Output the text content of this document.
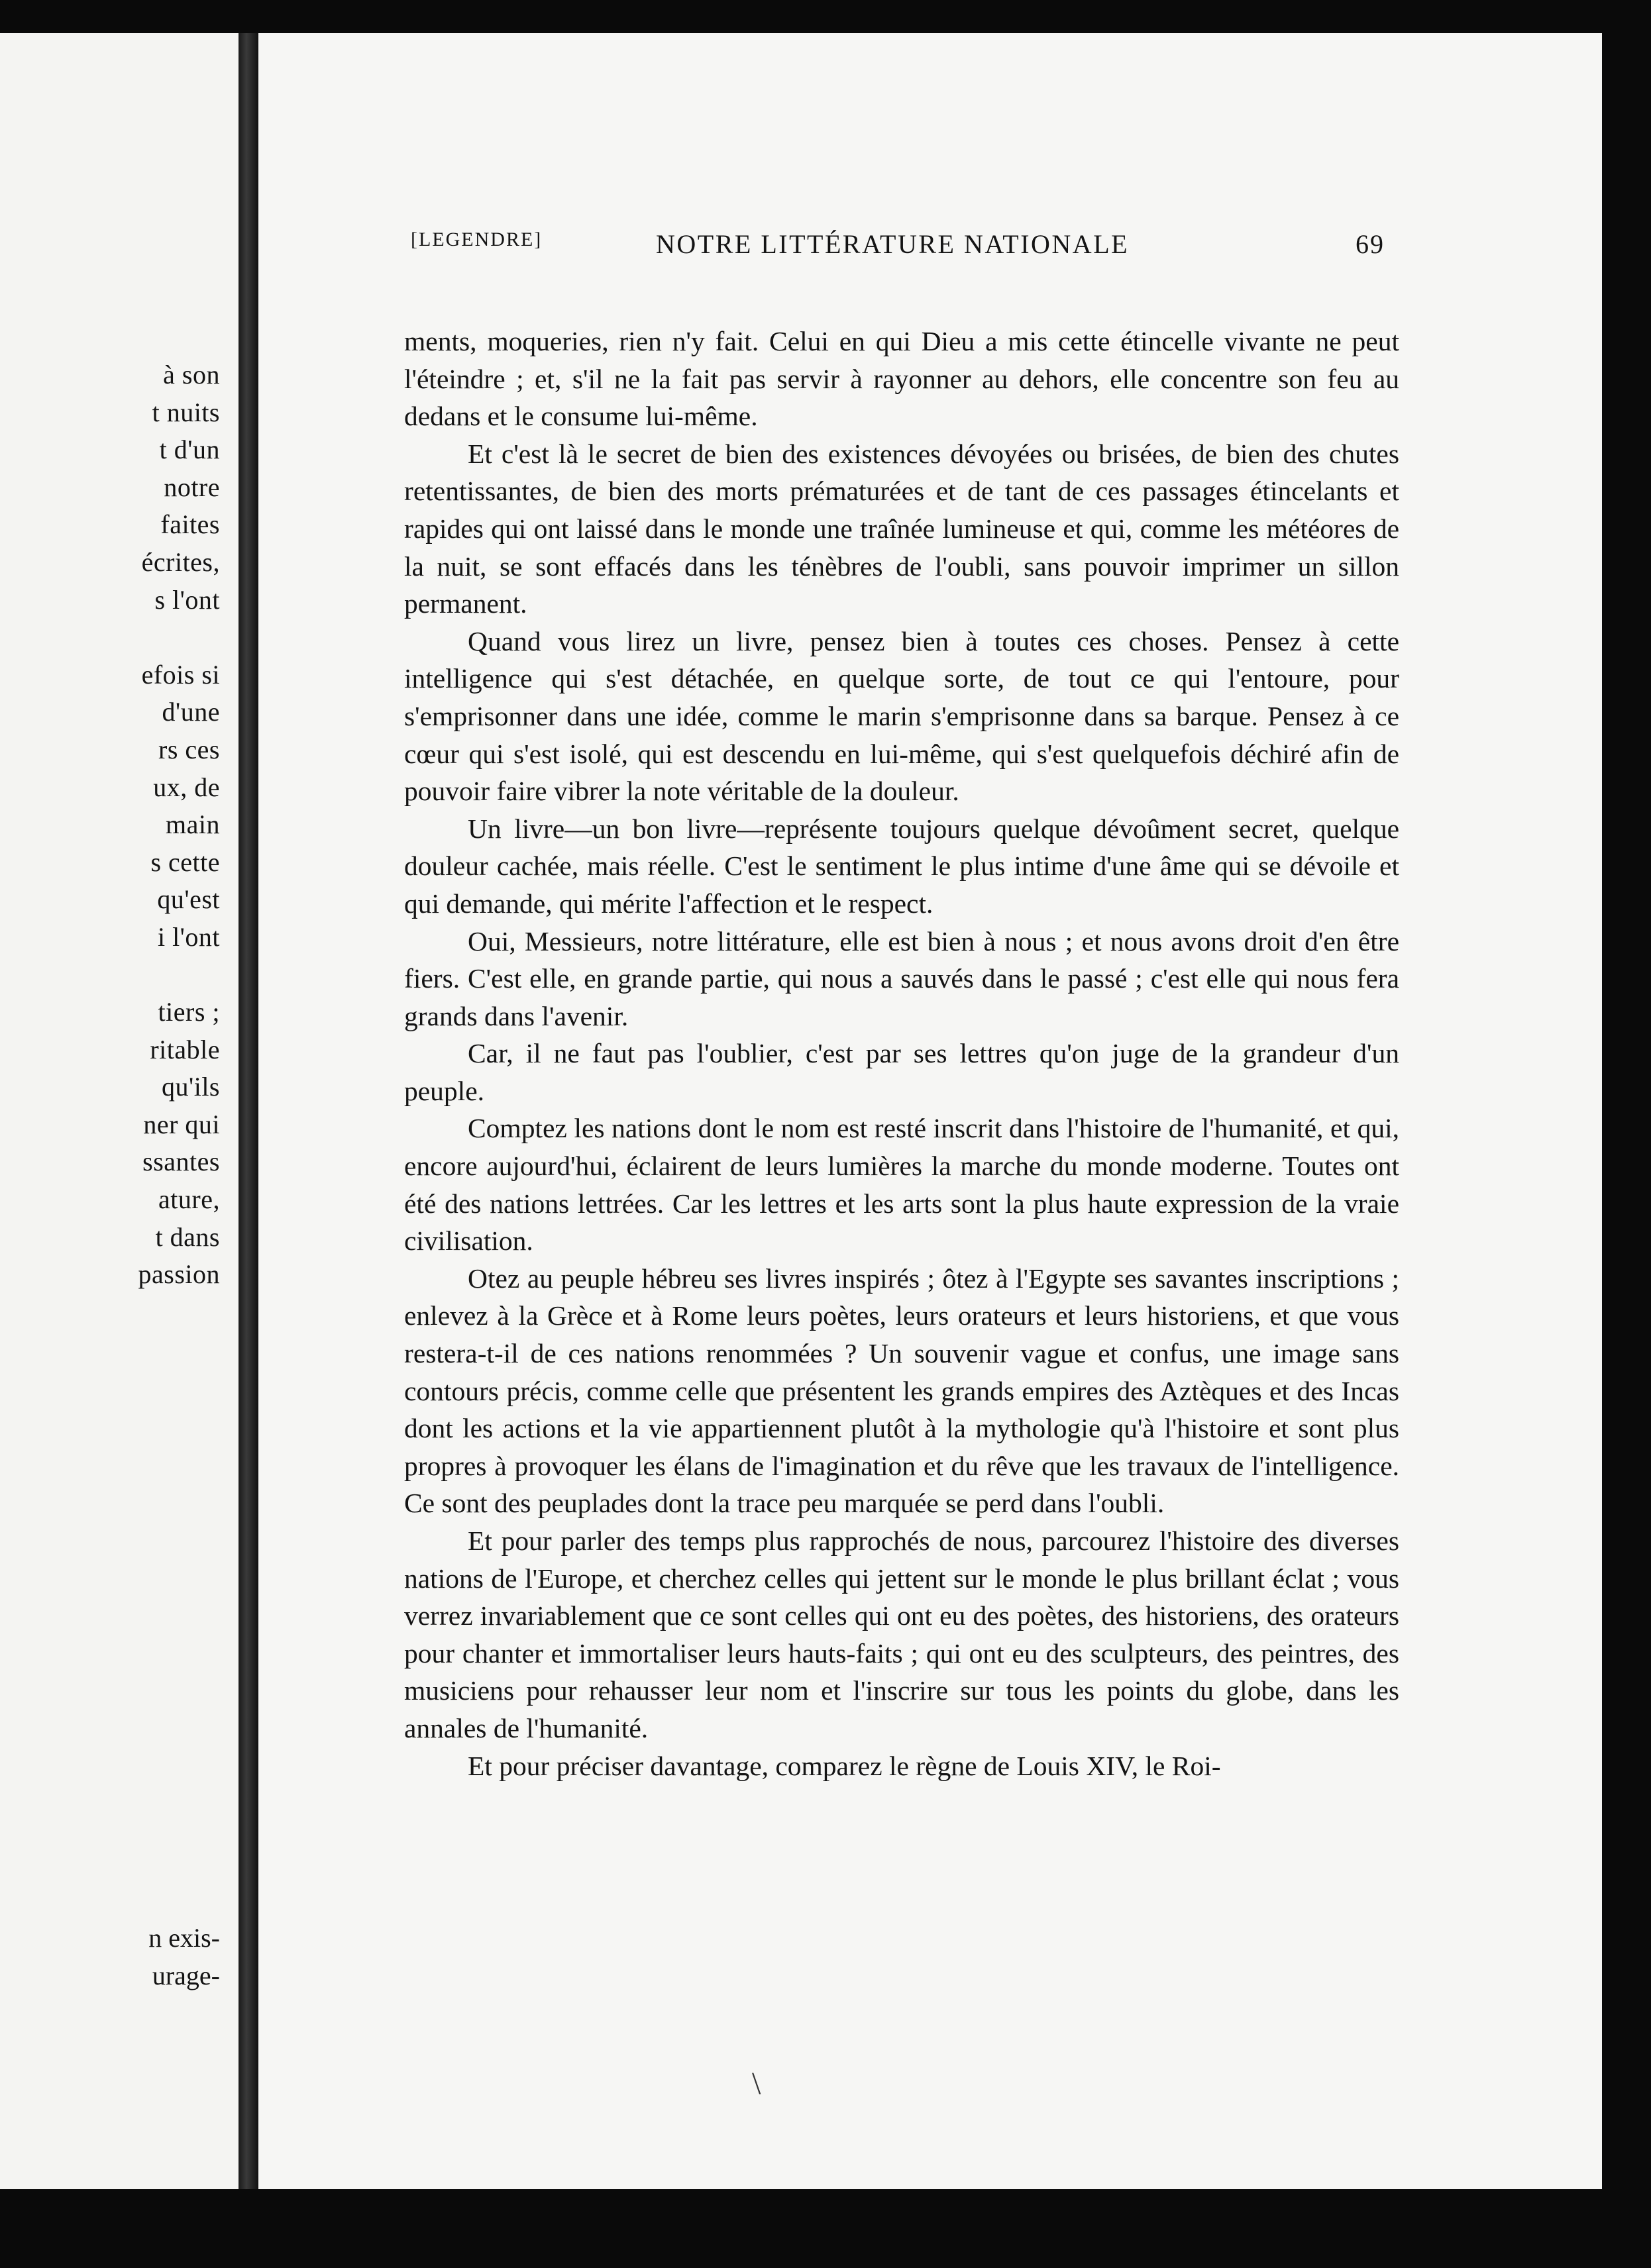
à son
t nuits
t d'un
notre
faites
écrites,
s l'ont
efois si
d'une
rs ces
ux, de
main
s cette
qu'est
i l'ont
tiers ;
ritable
qu'ils
ner qui
ssantes
ature,
t dans
passion
n exis-
urage-
[LEGENDRE]	NOTRE LITTÉRATURE NATIONALE	69

ments, moqueries, rien n'y fait. Celui en qui Dieu a mis cette étincelle vivante ne peut l'éteindre ; et, s'il ne la fait pas servir à rayonner au dehors, elle concentre son feu au dedans et le consume lui-même.

Et c'est là le secret de bien des existences dévoyées ou brisées, de bien des chutes retentissantes, de bien des morts prématurées et de tant de ces passages étincelants et rapides qui ont laissé dans le monde une traînée lumineuse et qui, comme les météores de la nuit, se sont effacés dans les ténèbres de l'oubli, sans pouvoir imprimer un sillon permanent.

Quand vous lirez un livre, pensez bien à toutes ces choses. Pensez à cette intelligence qui s'est détachée, en quelque sorte, de tout ce qui l'entoure, pour s'emprisonner dans une idée, comme le marin s'emprisonne dans sa barque. Pensez à ce cœur qui s'est isolé, qui est descendu en lui-même, qui s'est quelquefois déchiré afin de pouvoir faire vibrer la note véritable de la douleur.

Un livre—un bon livre—représente toujours quelque dévoûment secret, quelque douleur cachée, mais réelle. C'est le sentiment le plus intime d'une âme qui se dévoile et qui demande, qui mérite l'affection et le respect.

Oui, Messieurs, notre littérature, elle est bien à nous ; et nous avons droit d'en être fiers. C'est elle, en grande partie, qui nous a sauvés dans le passé ; c'est elle qui nous fera grands dans l'avenir.

Car, il ne faut pas l'oublier, c'est par ses lettres qu'on juge de la grandeur d'un peuple.

Comptez les nations dont le nom est resté inscrit dans l'histoire de l'humanité, et qui, encore aujourd'hui, éclairent de leurs lumières la marche du monde moderne. Toutes ont été des nations lettrées. Car les lettres et les arts sont la plus haute expression de la vraie civilisation.

Otez au peuple hébreu ses livres inspirés ; ôtez à l'Egypte ses savantes inscriptions ; enlevez à la Grèce et à Rome leurs poètes, leurs orateurs et leurs historiens, et que vous restera-t-il de ces nations renommées ? Un souvenir vague et confus, une image sans contours précis, comme celle que présentent les grands empires des Aztèques et des Incas dont les actions et la vie appartiennent plutôt à la mythologie qu'à l'histoire et sont plus propres à provoquer les élans de l'imagination et du rêve que les travaux de l'intelligence. Ce sont des peuplades dont la trace peu marquée se perd dans l'oubli.

Et pour parler des temps plus rapprochés de nous, parcourez l'histoire des diverses nations de l'Europe, et cherchez celles qui jettent sur le monde le plus brillant éclat ; vous verrez invariablement que ce sont celles qui ont eu des poètes, des historiens, des orateurs pour chanter et immortaliser leurs hauts-faits ; qui ont eu des sculpteurs, des peintres, des musiciens pour rehausser leur nom et l'inscrire sur tous les points du globe, dans les annales de l'humanité.

Et pour préciser davantage, comparez le règne de Louis XIV, le Roi-

\
